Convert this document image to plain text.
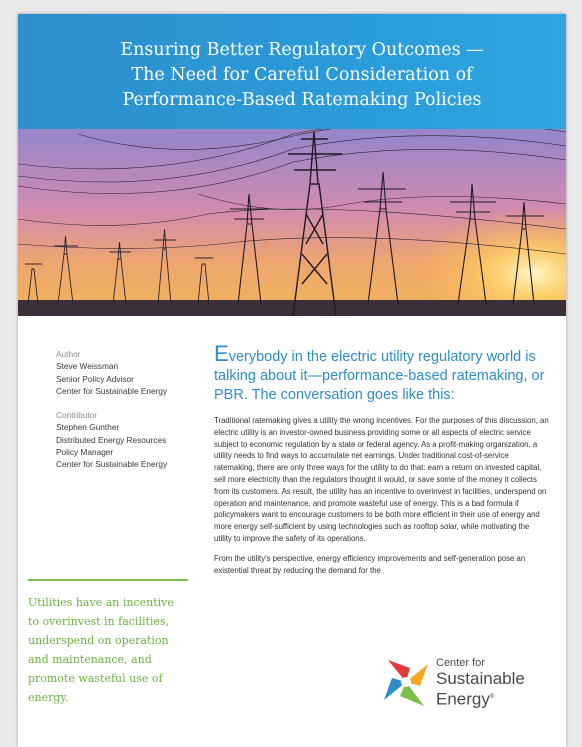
Ensuring Better Regulatory Outcomes —
The Need for Careful Consideration of
Performance-Based Ratemaking Policies
Author
Steve Weissman
Senior Policy Advisor
Center for Sustainable Energy
Contributor
Stephen Gunther
Distributed Energy Resources
Policy Manager
Center for Sustainable Energy
Utilities have an incentive to overinvest in facilities, underspend on operation and maintenance, and promote wasteful use of energy.

Everybody in the electric utility regulatory world is talking about it—performance-based ratemaking, or PBR. The conversation goes like this:

Traditional ratemaking gives a utility the wrong incentives. For the purposes of this discussion, an electric utility is an investor-owned business providing some or all aspects of electric service subject to economic regulation by a state or federal agency. As a profit-making organization, a utility needs to find ways to accumulate net earnings. Under traditional cost-of-service ratemaking, there are only three ways for the utility to do that: earn a return on invested capital, sell more electricity than the regulators thought it would, or save some of the money it collects from its customers. As result, the utility has an incentive to overinvest in facilities, underspend on operation and maintenance, and promote wasteful use of energy. This is a bad formula if policymakers want to encourage customers to be both more efficient in their use of energy and more energy self-sufficient by using technologies such as rooftop solar, while motivating the utility to improve the safety of its operations.

From the utility's perspective, energy efficiency improvements and self-generation pose an existential threat by reducing the demand for the

Center for
Sustainable
Energy®
